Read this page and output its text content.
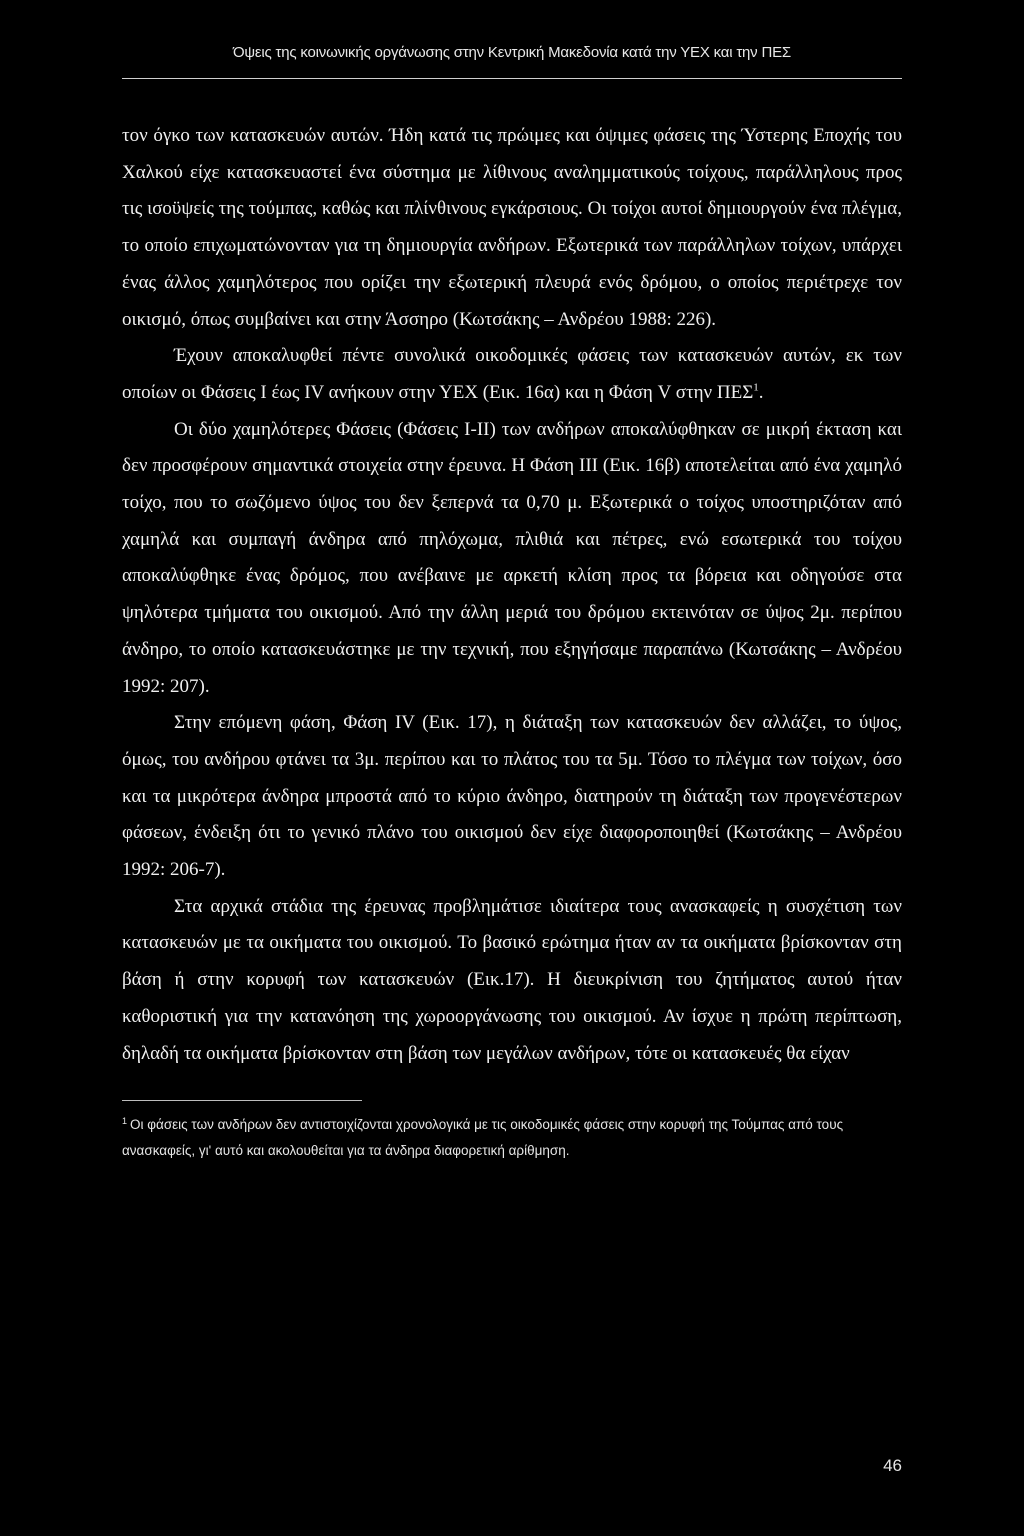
Όψεις της κοινωνικής οργάνωσης στην Κεντρική Μακεδονία κατά την ΥΕΧ και την ΠΕΣ

τον όγκο των κατασκευών αυτών. Ήδη κατά τις πρώιμες και όψιμες φάσεις της Ύστερης Εποχής του Χαλκού είχε κατασκευαστεί ένα σύστημα με λίθινους αναλημματικούς τοίχους, παράλληλους προς τις ισοϋψείς της τούμπας, καθώς και πλίνθινους εγκάρσιους. Οι τοίχοι αυτοί δημιουργούν ένα πλέγμα, το οποίο επιχωματώνονταν για τη δημιουργία ανδήρων. Εξωτερικά των παράλληλων τοίχων, υπάρχει ένας άλλος χαμηλότερος που ορίζει την εξωτερική πλευρά ενός δρόμου, ο οποίος περιέτρεχε τον οικισμό, όπως συμβαίνει και στην Άσσηρο (Κωτσάκης – Ανδρέου 1988: 226).

Έχουν αποκαλυφθεί πέντε συνολικά οικοδομικές φάσεις των κατασκευών αυτών, εκ των οποίων οι Φάσεις Ι έως IV ανήκουν στην ΥΕΧ (Εικ. 16α) και η Φάση V στην ΠΕΣ$^1$.

Οι δύο χαμηλότερες Φάσεις (Φάσεις Ι-ΙΙ) των ανδήρων αποκαλύφθηκαν σε μικρή έκταση και δεν προσφέρουν σημαντικά στοιχεία στην έρευνα. Η Φάση ΙΙΙ (Εικ. 16β) αποτελείται από ένα χαμηλό τοίχο, που το σωζόμενο ύψος του δεν ξεπερνά τα 0,70 μ. Εξωτερικά ο τοίχος υποστηριζόταν από χαμηλά και συμπαγή άνδηρα από πηλόχωμα, πλιθιά και πέτρες, ενώ εσωτερικά του τοίχου αποκαλύφθηκε ένας δρόμος, που ανέβαινε με αρκετή κλίση προς τα βόρεια και οδηγούσε στα ψηλότερα τμήματα του οικισμού. Από την άλλη μεριά του δρόμου εκτεινόταν σε ύψος 2μ. περίπου άνδηρο, το οποίο κατασκευάστηκε με την τεχνική, που εξηγήσαμε παραπάνω (Κωτσάκης – Ανδρέου 1992: 207).

Στην επόμενη φάση, Φάση IV (Εικ. 17), η διάταξη των κατασκευών δεν αλλάζει, το ύψος, όμως, του ανδήρου φτάνει τα 3μ. περίπου και το πλάτος του τα 5μ. Τόσο το πλέγμα των τοίχων, όσο και τα μικρότερα άνδηρα μπροστά από το κύριο άνδηρο, διατηρούν τη διάταξη των προγενέστερων φάσεων, ένδειξη ότι το γενικό πλάνο του οικισμού δεν είχε διαφοροποιηθεί (Κωτσάκης – Ανδρέου 1992: 206-7).

Στα αρχικά στάδια της έρευνας προβλημάτισε ιδιαίτερα τους ανασκαφείς η συσχέτιση των κατασκευών με τα οικήματα του οικισμού. Το βασικό ερώτημα ήταν αν τα οικήματα βρίσκονταν στη βάση ή στην κορυφή των κατασκευών (Εικ.17). Η διευκρίνιση του ζητήματος αυτού ήταν καθοριστική για την κατανόηση της χωροοργάνωσης του οικισμού. Αν ίσχυε η πρώτη περίπτωση, δηλαδή τα οικήματα βρίσκονταν στη βάση των μεγάλων ανδήρων, τότε οι κατασκευές θα είχαν

$^1$ Οι φάσεις των ανδήρων δεν αντιστοιχίζονται χρονολογικά με τις οικοδομικές φάσεις στην κορυφή της Τούμπας από τους ανασκαφείς, γι' αυτό και ακολουθείται για τα άνδηρα διαφορετική αρίθμηση.
46
